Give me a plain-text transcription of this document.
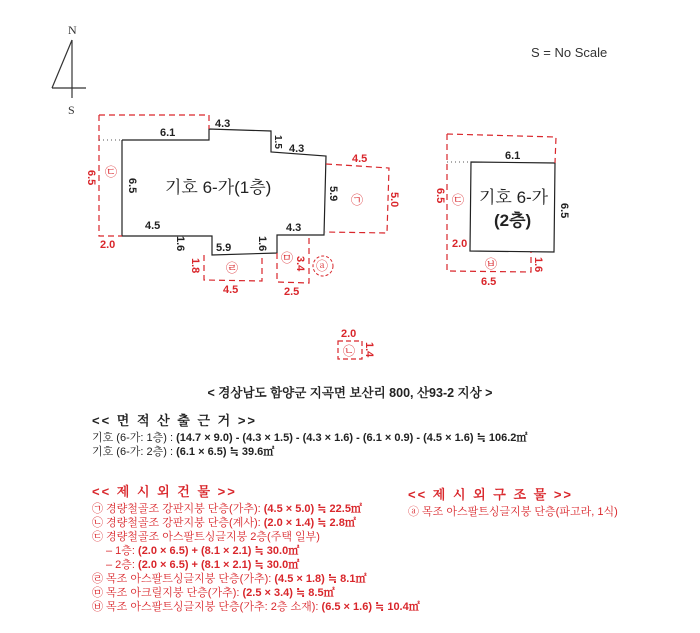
N
S
6.1
4.3
4.3
1.5
6.5
5.9
4.5
1.6	5.9 1.6
4.3
기호 6-가(1층)
6.5
2.0
㉢
4.5
5.0
㉠
4.5
1.8 ㉣
2.5
3.4
㉤
ⓐ
2.0
1.4
㉡
6.1
6.5
기호 6-가
(2층)
6.5
2.0
㉢
6.5
1.6
㉥
S = No Scale
< 경상남도 함양군 지곡면 보산리 800, 산93-2 지상 >
<< 면 적 산 출 근 거 >>
기호 (6-가: 1층) : (14.7 × 9.0) - (4.3 × 1.5) - (4.3 × 1.6) - (6.1 × 0.9) - (4.5 × 1.6) ≒ 106.2㎡
기호 (6-가: 2층) : (6.1 × 6.5) ≒ 39.6㎡
<< 제 시 외 건 물 >>
㉠ 경량철골조 강판지붕 단층(가추): (4.5 × 5.0) ≒ 22.5㎡
㉡ 경량철골조 강판지붕 단층(계사): (2.0 × 1.4) ≒ 2.8㎡
㉢ 경량철골조 아스팔트싱글지붕 2층(주택 일부)
– 1층: (2.0 × 6.5) + (8.1 × 2.1) ≒ 30.0㎡
– 2층: (2.0 × 6.5) + (8.1 × 2.1) ≒ 30.0㎡
㉣ 목조 아스팔트싱글지붕 단층(가추): (4.5 × 1.8) ≒ 8.1㎡
㉤ 목조 아크릴지붕 단층(가추): (2.5 × 3.4) ≒ 8.5㎡
㉥ 목조 아스팔트싱글지붕 단층(가추: 2층 소재): (6.5 × 1.6) ≒ 10.4㎡
<< 제 시 외 구 조 물 >>
ⓐ 목조 아스팔트싱글지붕 단층(파고라, 1식)
